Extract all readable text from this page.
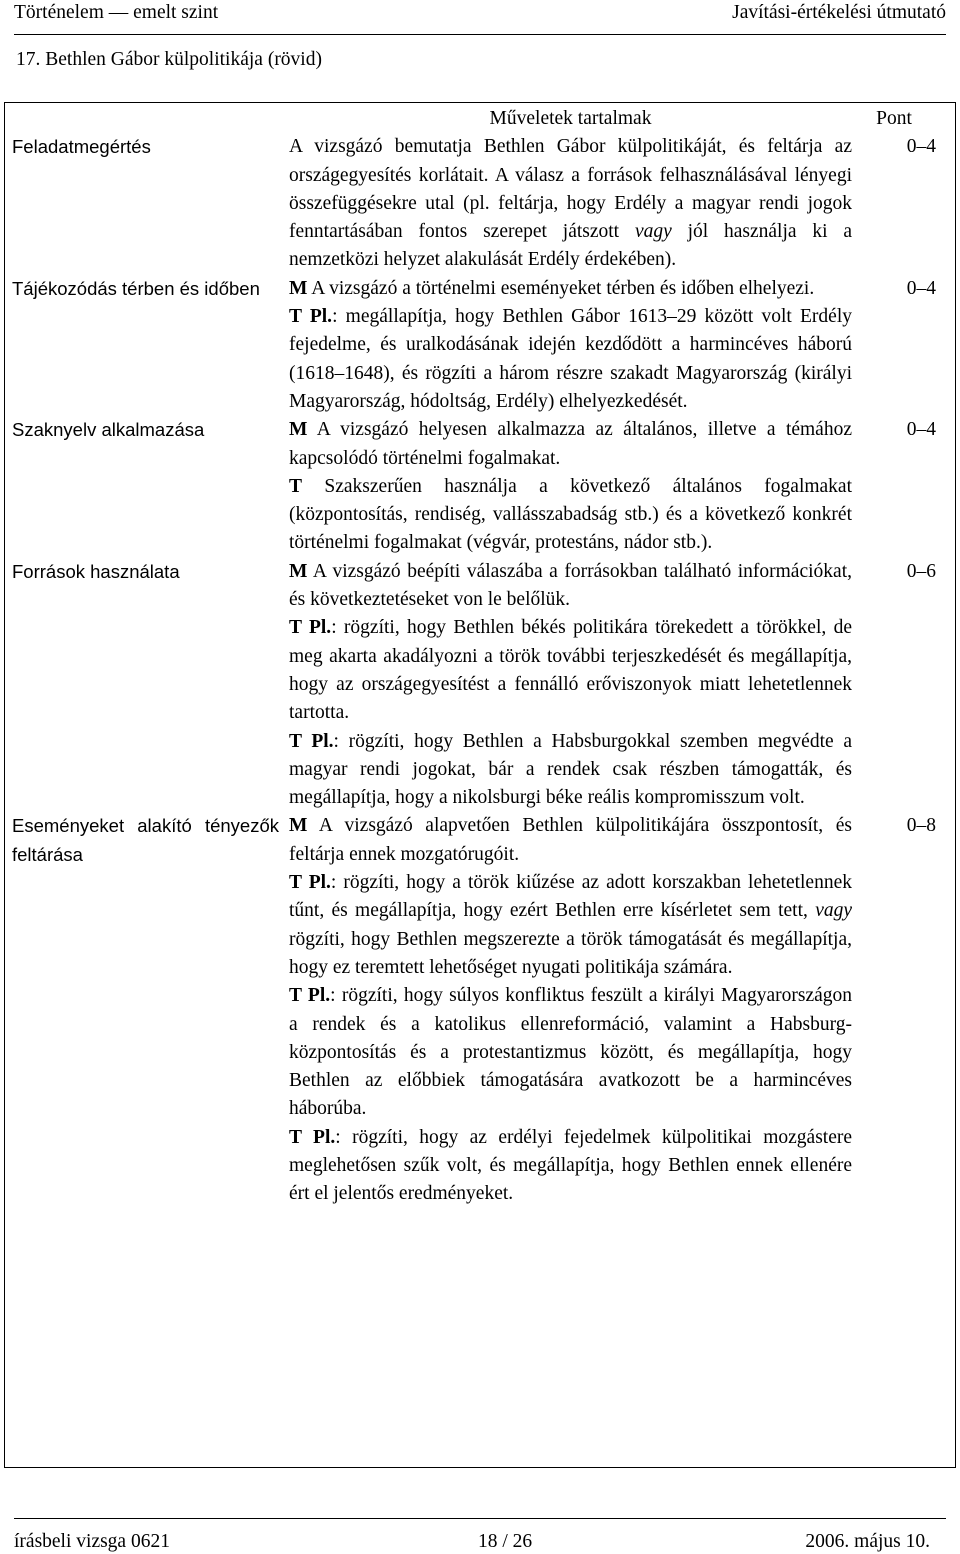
Történelem — emelt szint	Javítási-értékelési útmutató
17. Bethlen Gábor külpolitikája (rövid)
	Műveletek tartalmak	Pont
Feladatmegértés	A vizsgázó bemutatja Bethlen Gábor külpolitikáját, és feltárja az országegyesítés korlátait. A válasz a források felhasználásával lényegi összefüggésekre utal (pl. feltárja, hogy Erdély a magyar rendi jogok fenntartásában fontos szerepet játszott vagy jól használja ki a nemzetközi helyzet alakulását Erdély érdekében).	0–4
Tájékozódás térben és időben	M A vizsgázó a történelmi eseményeket térben és időben elhelyezi.
T Pl.: megállapítja, hogy Bethlen Gábor 1613–29 között volt Erdély fejedelme, és uralkodásának idején kezdődött a harmincéves háború (1618–1648), és rögzíti a három részre szakadt Magyarország (királyi Magyarország, hódoltság, Erdély) elhelyezkedését.	0–4
Szaknyelv alkalmazása	M A vizsgázó helyesen alkalmazza az általános, illetve a témához kapcsolódó történelmi fogalmakat.
T Szakszerűen használja a következő általános fogalmakat (központosítás, rendiség, vallásszabadság stb.) és a következő konkrét történelmi fogalmakat (végvár, protestáns, nádor stb.).	0–4
Források használata	M A vizsgázó beépíti válaszába a forrásokban található információkat, és következtetéseket von le belőlük.
T Pl.: rögzíti, hogy Bethlen békés politikára törekedett a törökkel, de meg akarta akadályozni a török további terjeszkedését és megállapítja, hogy az országegyesítést a fennálló erőviszonyok miatt lehetetlennek tartotta.
T Pl.: rögzíti, hogy Bethlen a Habsburgokkal szemben megvédte a magyar rendi jogokat, bár a rendek csak részben támogatták, és megállapítja, hogy a nikolsburgi béke reális kompromisszum volt.	0–6
Eseményeket alakító tényezők feltárása	M A vizsgázó alapvetően Bethlen külpolitikájára összpontosít, és feltárja ennek mozgatórugóit.
T Pl.: rögzíti, hogy a török kiűzése az adott korszakban lehetetlennek tűnt, és megállapítja, hogy ezért Bethlen erre kísérletet sem tett, vagy rögzíti, hogy Bethlen megszerezte a török támogatását és megállapítja, hogy ez teremtett lehetőséget nyugati politikája számára.
T Pl.: rögzíti, hogy súlyos konfliktus feszült a királyi Magyarországon a rendek és a katolikus ellenreformáció, valamint a Habsburg-központosítás és a protestantizmus között, és megállapítja, hogy Bethlen az előbbiek támogatására avatkozott be a harmincéves háborúba.
T Pl.: rögzíti, hogy az erdélyi fejedelmek külpolitikai mozgástere meglehetősen szűk volt, és megállapítja, hogy Bethlen ennek ellenére ért el jelentős eredményeket.	0–8
írásbeli vizsga 0621	18 / 26	2006. május 10.
